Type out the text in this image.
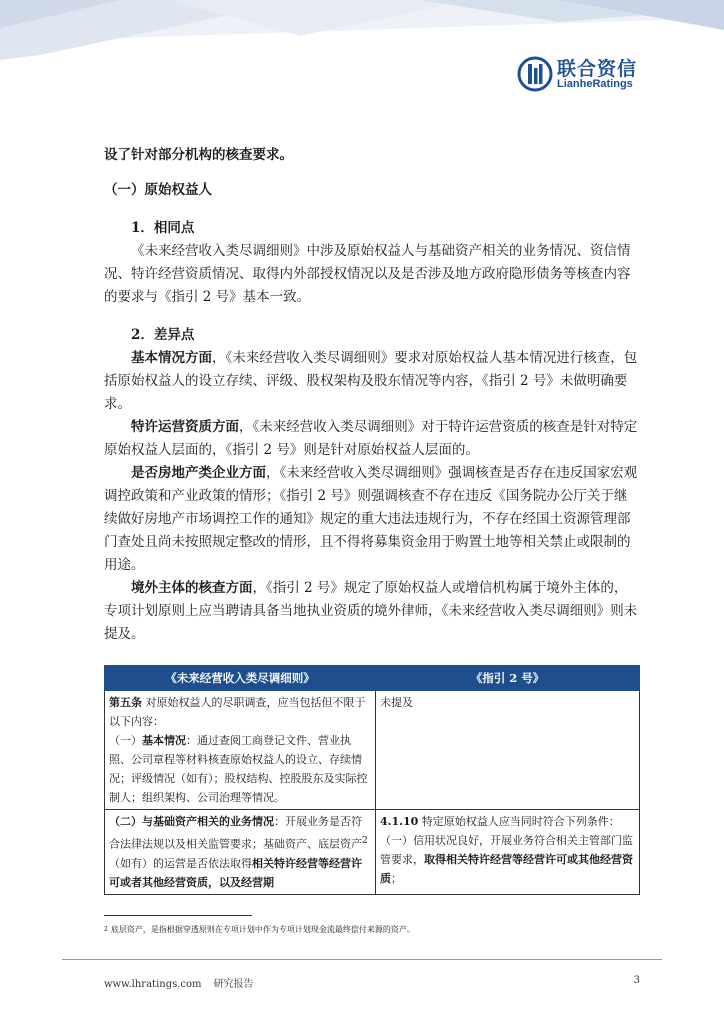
联合资信
LianheRatings

设了针对部分机构的核查要求。

（一）原始权益人

1．相同点

《未来经营收入类尽调细则》中涉及原始权益人与基础资产相关的业务情况、资信情况、特许经营资质情况、取得内外部授权情况以及是否涉及地方政府隐形债务等核查内容的要求与《指引 2 号》基本一致。

2．差异点

基本情况方面，《未来经营收入类尽调细则》要求对原始权益人基本情况进行核查，包括原始权益人的设立存续、评级、股权架构及股东情况等内容，《指引 2 号》未做明确要求。

特许运营资质方面，《未来经营收入类尽调细则》对于特许运营资质的核查是针对特定原始权益人层面的，《指引 2 号》则是针对原始权益人层面的。

是否房地产类企业方面，《未来经营收入类尽调细则》强调核查是否存在违反国家宏观调控政策和产业政策的情形；《指引 2 号》则强调核查不存在违反《国务院办公厅关于继续做好房地产市场调控工作的通知》规定的重大违法违规行为，不存在经国土资源管理部门查处且尚未按照规定整改的情形，且不得将募集资金用于购置土地等相关禁止或限制的用途。

境外主体的核查方面，《指引 2 号》规定了原始权益人或增信机构属于境外主体的，专项计划原则上应当聘请具备当地执业资质的境外律师，《未来经营收入类尽调细则》则未提及。

《未来经营收入类尽调细则》	《指引 2 号》
第五条 对原始权益人的尽职调查，应当包括但不限于以下内容：
（一）基本情况：通过查阅工商登记文件、营业执照、公司章程等材料核查原始权益人的设立、存续情况；评级情况（如有）；股权结构、控股股东及实际控制人；组织架构、公司治理等情况。	未提及
（二）与基础资产相关的业务情况：开展业务是否符合法律法规以及相关监管要求；基础资产、底层资产$^2$（如有）的运营是否依法取得相关特许经营等经营许可或者其他经营资质，以及经营期	4.1.10 特定原始权益人应当同时符合下列条件：
（一）信用状况良好，开展业务符合相关主管部门监管要求，取得相关特许经营等经营许可或其他经营资质；
$^2$ 底层资产，是指根据穿透原则在专项计划中作为专项计划现金流最终偿付来源的资产。
www.lhratings.com 研究报告	3
